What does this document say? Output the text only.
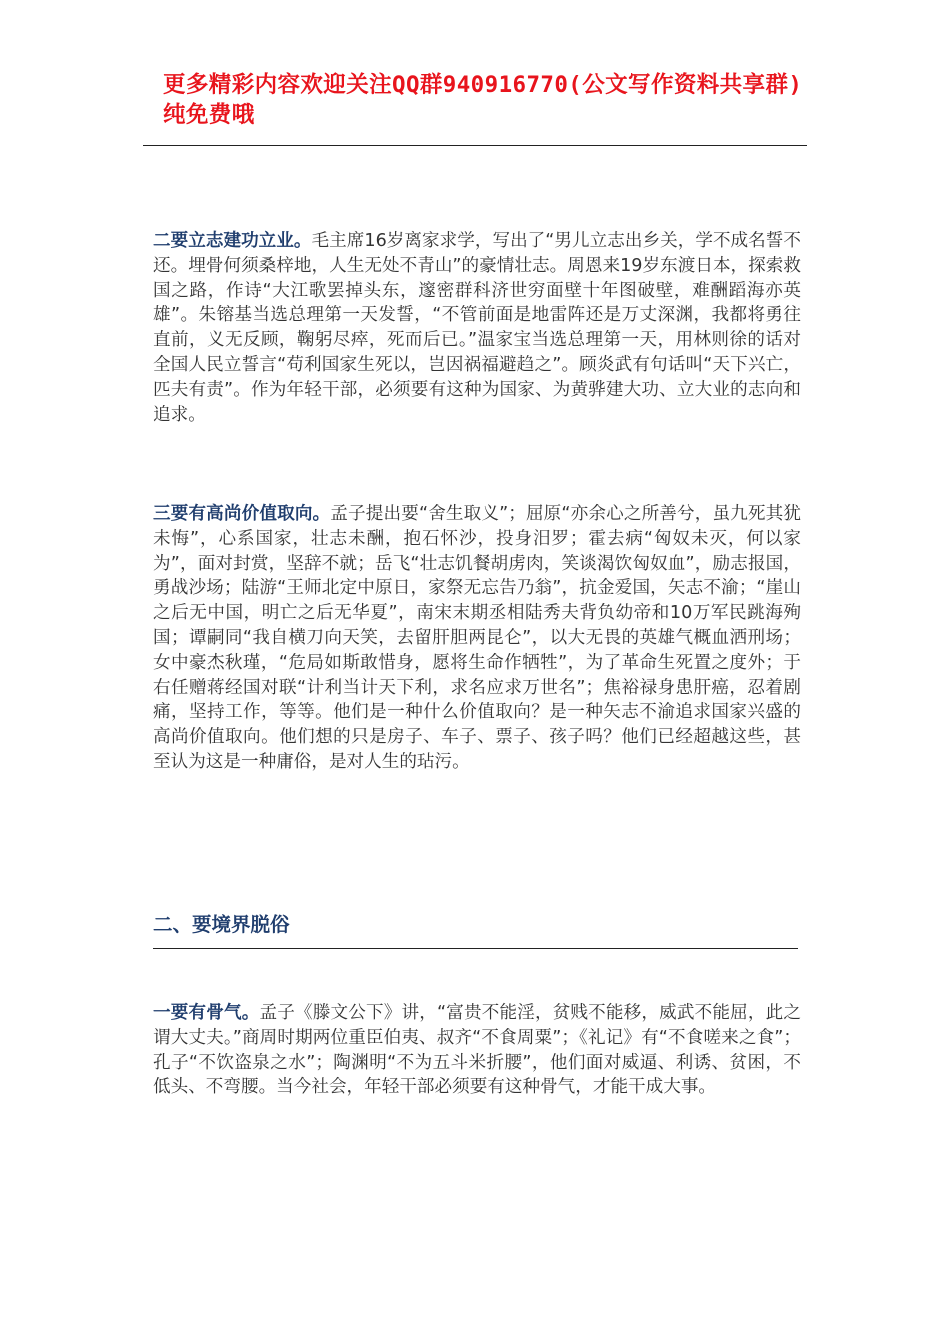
更多精彩内容欢迎关注QQ群940916770(公文写作资料共享群)纯免费哦
二要立志建功立业。毛主席16岁离家求学，写出了“男儿立志出乡关，学不成名誓不还。埋骨何须桑梓地，人生无处不青山”的豪情壮志。周恩来19岁东渡日本，探索救国之路，作诗“大江歌罢掉头东，邃密群科济世穷面壁十年图破壁，难酬蹈海亦英雄”。朱镕基当选总理第一天发誓，“不管前面是地雷阵还是万丈深渊，我都将勇往直前，义无反顾，鞠躬尽瘁，死而后已。”温家宝当选总理第一天，用林则徐的话对全国人民立誓言“苟利国家生死以，岂因祸福避趋之”。顾炎武有句话叫“天下兴亡，匹夫有责”。作为年轻干部，必须要有这种为国家、为黄骅建大功、立大业的志向和追求。
三要有高尚价值取向。孟子提出要“舍生取义”；屈原“亦余心之所善兮，虽九死其犹未悔”，心系国家，壮志未酬，抱石怀沙，投身汨罗；霍去病“匈奴未灭，何以家为”，面对封赏，坚辞不就；岳飞“壮志饥餐胡虏肉，笑谈渴饮匈奴血”，励志报国，勇战沙场；陆游“王师北定中原日，家祭无忘告乃翁”，抗金爱国，矢志不渝；“崖山之后无中国，明亡之后无华夏”，南宋末期丞相陆秀夫背负幼帝和10万军民跳海殉国；谭嗣同“我自横刀向天笑，去留肝胆两昆仑”，以大无畏的英雄气概血洒刑场；女中豪杰秋瑾，“危局如斯敢惜身，愿将生命作牺牲”，为了革命生死置之度外；于右任赠蒋经国对联“计利当计天下利，求名应求万世名”；焦裕禄身患肝癌，忍着剧痛，坚持工作，等等。他们是一种什么价值取向？是一种矢志不渝追求国家兴盛的高尚价值取向。他们想的只是房子、车子、票子、孩子吗？他们已经超越这些，甚至认为这是一种庸俗，是对人生的玷污。
二、要境界脱俗
一要有骨气。孟子《滕文公下》讲，“富贵不能淫，贫贱不能移，威武不能屈，此之谓大丈夫。”商周时期两位重臣伯夷、叔齐“不食周粟”；《礼记》有“不食嗟来之食”；孔子“不饮盗泉之水”；陶渊明“不为五斗米折腰”，他们面对威逼、利诱、贫困，不低头、不弯腰。当今社会，年轻干部必须要有这种骨气，才能干成大事。
